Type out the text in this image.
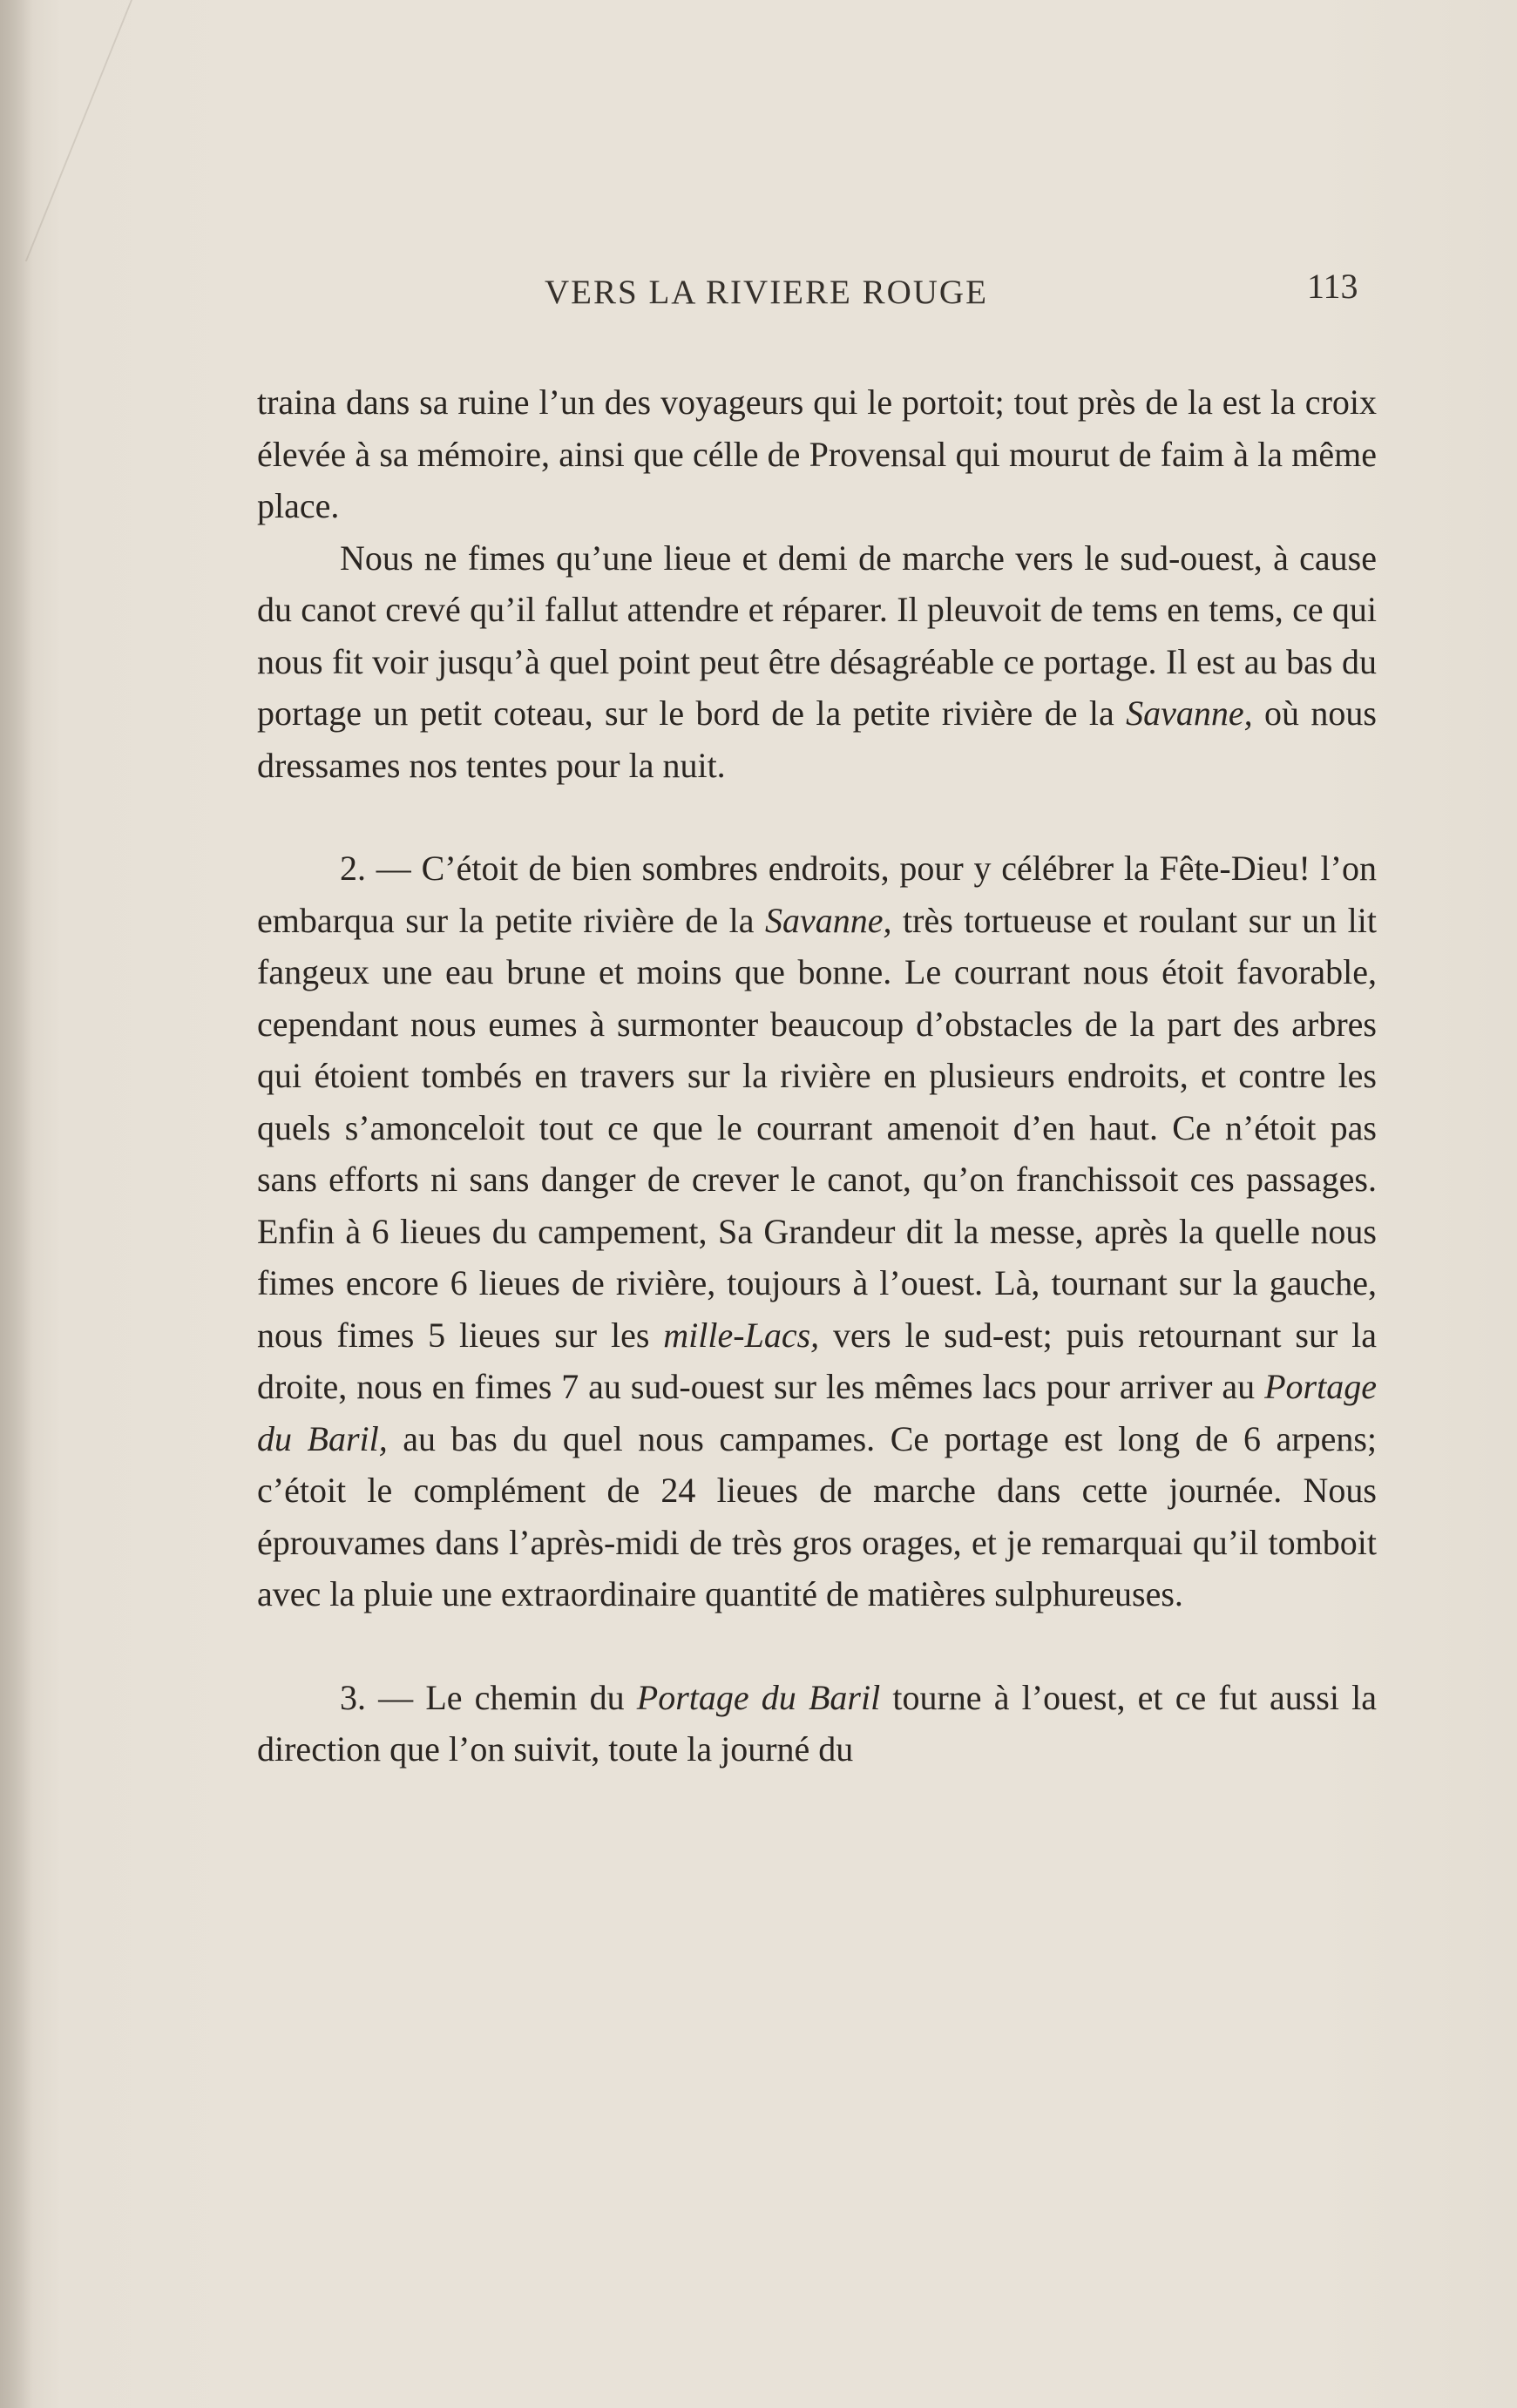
VERS LA RIVIERE ROUGE	113

traina dans sa ruine l’un des voyageurs qui le portoit; tout près de la est la croix élevée à sa mémoire, ainsi que célle de Provensal qui mourut de faim à la même place.

Nous ne fimes qu’une lieue et demi de marche vers le sud-ouest, à cause du canot crevé qu’il fallut attendre et réparer. Il pleuvoit de tems en tems, ce qui nous fit voir jusqu’à quel point peut être désagréable ce portage. Il est au bas du portage un petit coteau, sur le bord de la petite rivière de la Savanne, où nous dressames nos tentes pour la nuit.

2. — C’étoit de bien sombres endroits, pour y célébrer la Fête-Dieu! l’on embarqua sur la petite rivière de la Savanne, très tortueuse et roulant sur un lit fangeux une eau brune et moins que bonne. Le courrant nous étoit favorable, cependant nous eumes à surmonter beaucoup d’obstacles de la part des arbres qui étoient tombés en travers sur la rivière en plusieurs endroits, et contre les quels s’amonceloit tout ce que le courrant amenoit d’en haut. Ce n’étoit pas sans efforts ni sans danger de crever le canot, qu’on franchissoit ces passages. Enfin à 6 lieues du campement, Sa Grandeur dit la messe, après la quelle nous fimes encore 6 lieues de rivière, toujours à l’ouest. Là, tournant sur la gauche, nous fimes 5 lieues sur les mille-Lacs, vers le sud-est; puis retournant sur la droite, nous en fimes 7 au sud-ouest sur les mêmes lacs pour arriver au Portage du Baril, au bas du quel nous campames. Ce portage est long de 6 arpens; c’étoit le complément de 24 lieues de marche dans cette journée. Nous éprouvames dans l’après-midi de très gros orages, et je remarquai qu’il tomboit avec la pluie une extraordinaire quantité de matières sulphureuses.

3. — Le chemin du Portage du Baril tourne à l’ouest, et ce fut aussi la direction que l’on suivit, toute la journé du
